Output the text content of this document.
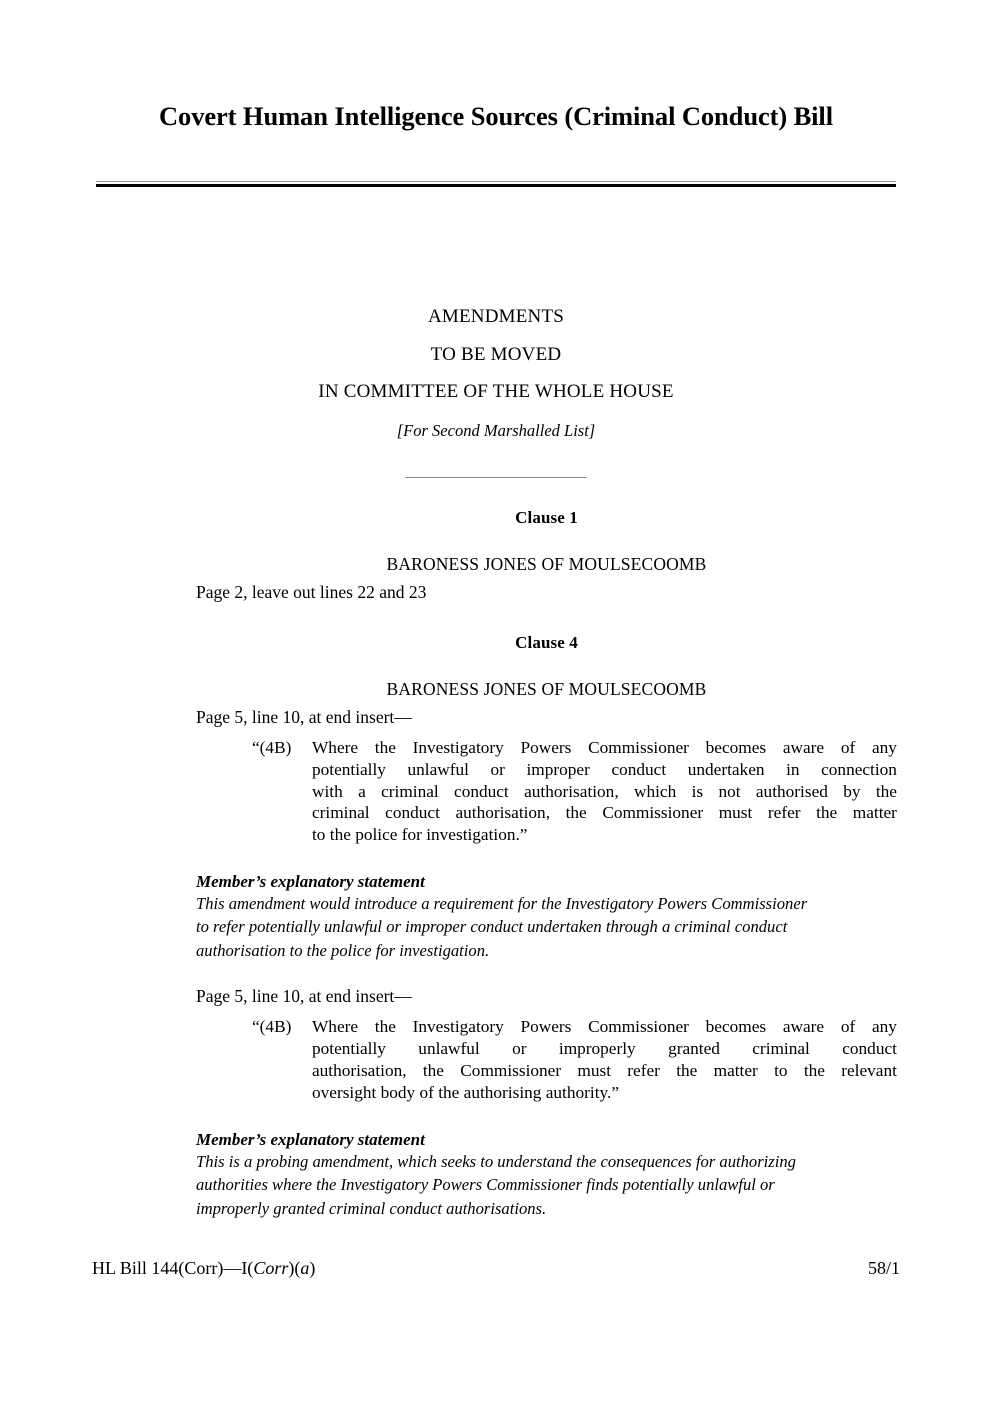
Covert Human Intelligence Sources (Criminal Conduct) Bill
AMENDMENTS
TO BE MOVED
IN COMMITTEE OF THE WHOLE HOUSE
[For Second Marshalled List]
Clause 1
BARONESS JONES OF MOULSECOOMB
Page 2, leave out lines 22 and 23
Clause 4
BARONESS JONES OF MOULSECOOMB
Page 5, line 10, at end insert—
“(4B)	Where the Investigatory Powers Commissioner becomes aware of any
potentially unlawful or improper conduct undertaken in connection
with a criminal conduct authorisation, which is not authorised by the
criminal conduct authorisation, the Commissioner must refer the matter
to the police for investigation.”
Member’s explanatory statement
This amendment would introduce a requirement for the Investigatory Powers Commissioner
to refer potentially unlawful or improper conduct undertaken through a criminal conduct
authorisation to the police for investigation.
Page 5, line 10, at end insert—
“(4B)	Where the Investigatory Powers Commissioner becomes aware of any
potentially unlawful or improperly granted criminal conduct
authorisation, the Commissioner must refer the matter to the relevant
oversight body of the authorising authority.”
Member’s explanatory statement
This is a probing amendment, which seeks to understand the consequences for authorizing
authorities where the Investigatory Powers Commissioner finds potentially unlawful or
improperly granted criminal conduct authorisations.
HL Bill 144(Corr)—I(Corr)(a)	58/1
